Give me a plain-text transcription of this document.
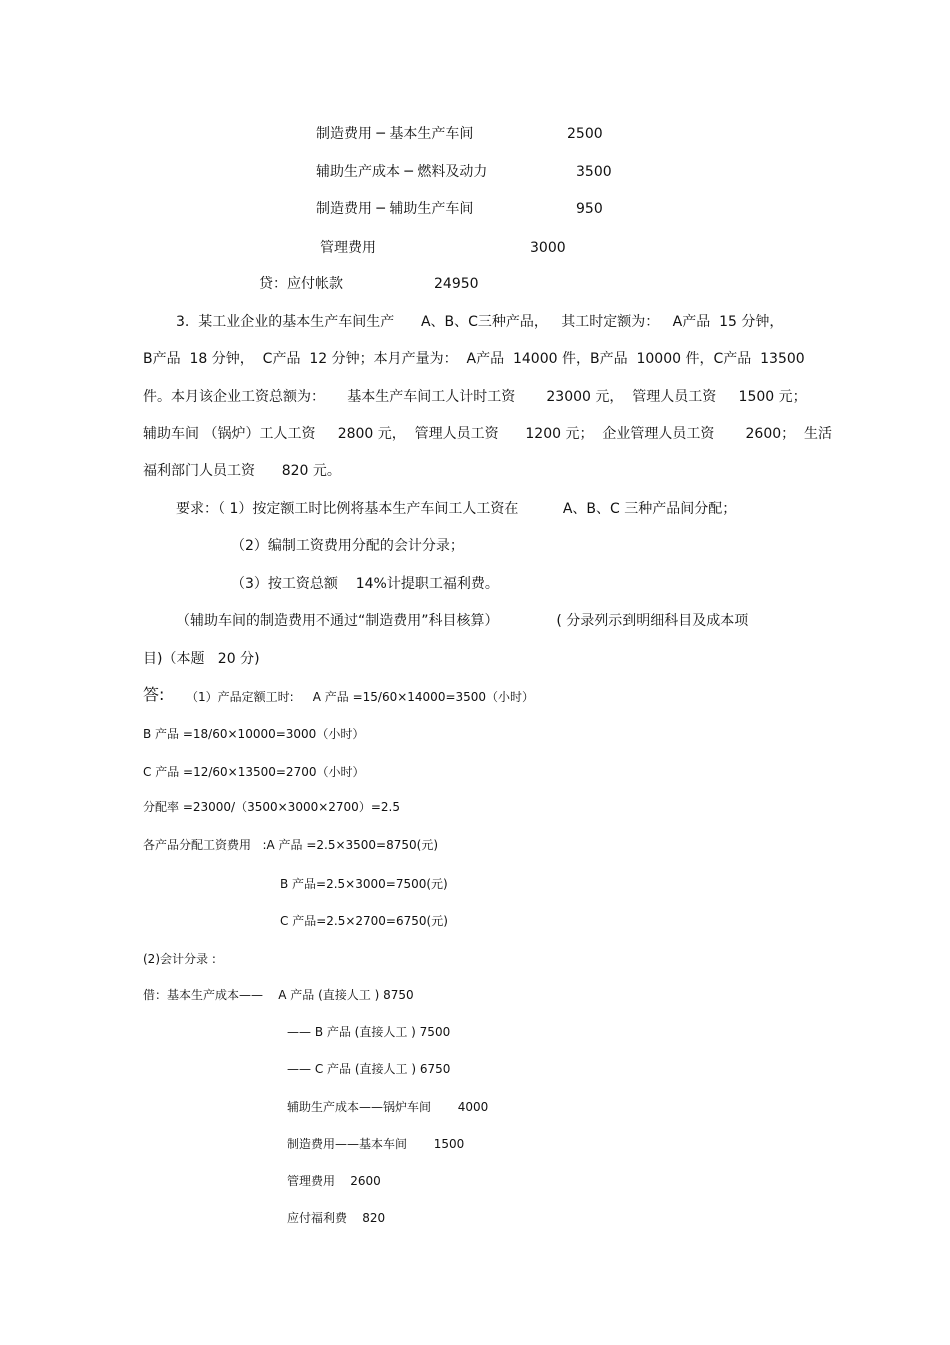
制造费用 ─ 基本生产车间	2500
辅助生产成本 ─ 燃料及动力	3500
制造费用 ─ 辅助生产车间	950
管理费用	3000
贷：应付帐款	24950
3.  某工业企业的基本生产车间生产      A、B、C三种产品，   其工时定额为：   A产品  15 分钟，
B产品  18 分钟，  C产品  12 分钟；本月产量为：  A产品  14000 件，B产品  10000 件，C产品  13500
件。本月该企业工资总额为：     基本生产车间工人计时工资       23000 元，  管理人员工资     1500 元；
辅助车间 （锅炉）工人工资     2800 元，  管理人员工资      1200 元；  企业管理人员工资       2600；  生活
福利部门人员工资      820 元。
要求：（ 1）按定额工时比例将基本生产车间工人工资在          A、B、C 三种产品间分配；
（2）编制工资费用分配的会计分录；
（3）按工资总额    14%计提职工福利费。
（辅助车间的制造费用不通过“制造费用”科目核算）             ( 分录列示到明细科目及成本项
目)（本题   20 分)
答: （1）产品定额工时:     A 产品 =15/60×14000=3500（小时）
B 产品 =18/60×10000=3000（小时）
C 产品 =12/60×13500=2700（小时）
分配率 =23000/（3500×3000×2700）=2.5
各产品分配工资费用   :A 产品 =2.5×3500=8750(元)
B 产品=2.5×3000=7500(元)
C 产品=2.5×2700=6750(元)
(2)会计分录 :
借：基本生产成本——    A 产品 (直接人工 ) 8750
—— B 产品 (直接人工 ) 7500
—— C 产品 (直接人工 ) 6750
辅助生产成本——锅炉车间       4000
制造费用——基本车间       1500
管理费用    2600
应付福利费    820
